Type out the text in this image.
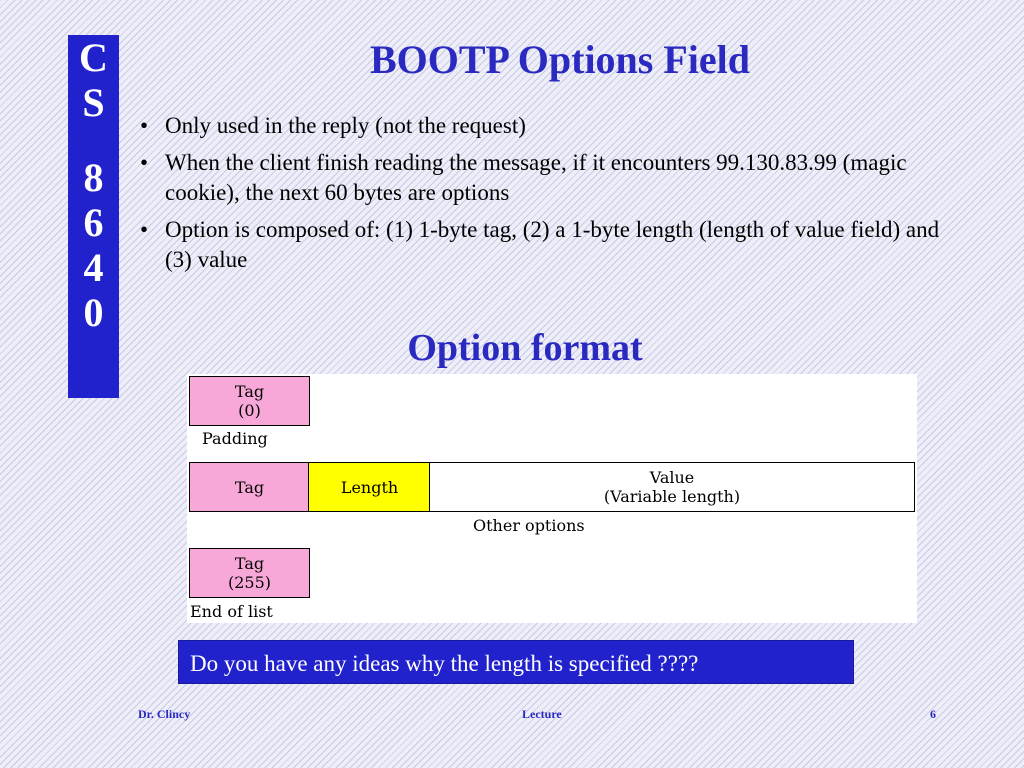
C
S
8
6
4
0
BOOTP Options Field
• Only used in the reply (not the request)
• When the client finish reading the message, if it encounters 99.130.83.99 (magic cookie), the next 60 bytes are options
• Option is composed of: (1) 1-byte tag, (2) a 1-byte length (length of value field) and (3) value
Option format
Tag
(0)
Padding
Tag	Length	Value
(Variable length)
Other options
Tag
(255)
End of list
Do you have any ideas why the length is specified ????
Dr. Clincy	Lecture	6
